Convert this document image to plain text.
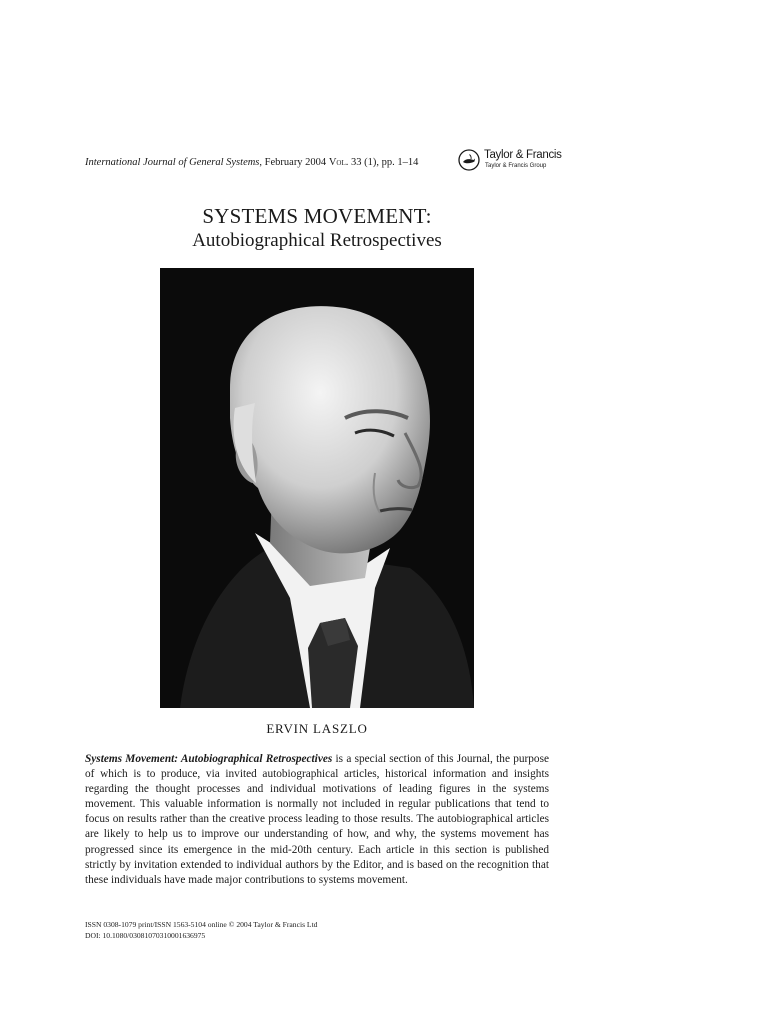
International Journal of General Systems, February 2004 Vol. 33 (1), pp. 1–14
Taylor & Francis
Taylor & Francis Group
SYSTEMS MOVEMENT:
Autobiographical Retrospectives
ERVIN LASZLO

Systems Movement: Autobiographical Retrospectives is a special section of this Journal, the purpose of which is to produce, via invited autobiographical articles, historical information and insights regarding the thought processes and individual motivations of leading figures in the systems movement. This valuable information is normally not included in regular publications that tend to focus on results rather than the creative process leading to those results. The autobiographical articles are likely to help us to improve our understanding of how, and why, the systems movement has progressed since its emergence in the mid-20th century. Each article in this section is published strictly by invitation extended to individual authors by the Editor, and is based on the recognition that these individuals have made major contributions to systems movement.

ISSN 0308-1079 print/ISSN 1563-5104 online © 2004 Taylor & Francis Ltd
DOI: 10.1080/03081070310001636975
